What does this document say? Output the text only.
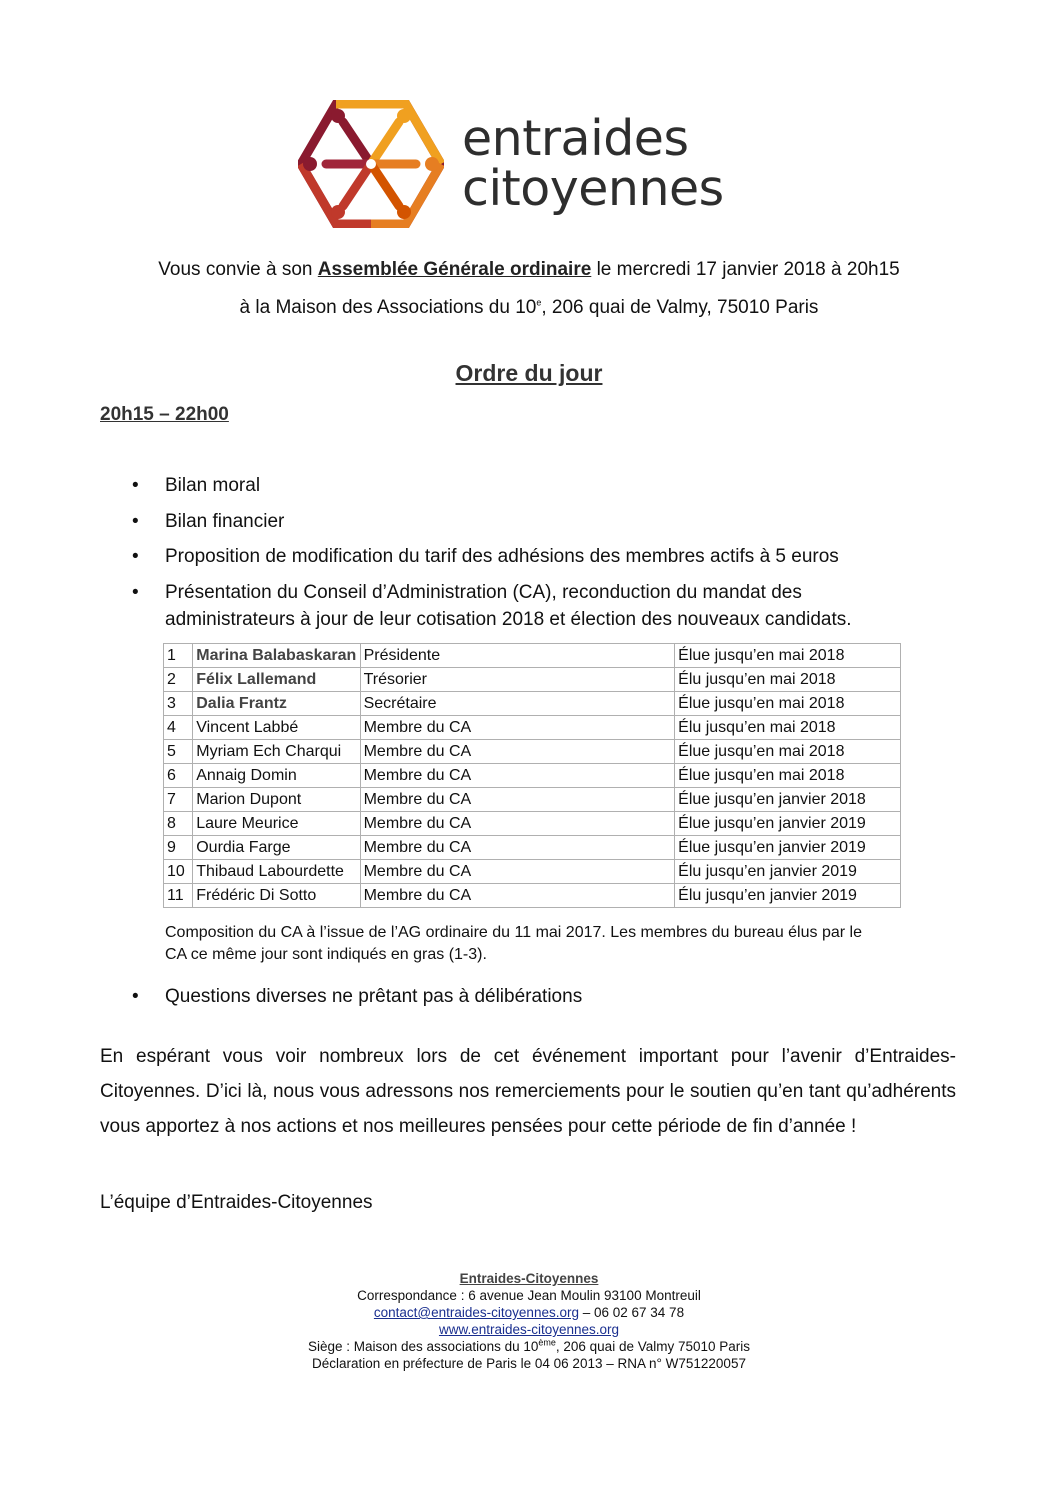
entraides
citoyennes
Vous convie à son Assemblée Générale ordinaire le mercredi 17 janvier 2018 à 20h15
à la Maison des Associations du 10e, 206 quai de Valmy, 75010 Paris
Ordre du jour
20h15 – 22h00
• Bilan moral
• Bilan financier
• Proposition de modification du tarif des adhésions des membres actifs à 5 euros
• Présentation du Conseil d’Administration (CA), reconduction du mandat des
administrateurs à jour de leur cotisation 2018 et élection des nouveaux candidats.
1	Marina Balabaskaran	Présidente	Élue jusqu’en mai 2018
2	Félix Lallemand	Trésorier	Élu jusqu’en mai 2018
3	Dalia Frantz	Secrétaire	Élue jusqu’en mai 2018
4	Vincent Labbé	Membre du CA	Élu jusqu’en mai 2018
5	Myriam Ech Charqui	Membre du CA	Élue jusqu’en mai 2018
6	Annaig Domin	Membre du CA	Élue jusqu’en mai 2018
7	Marion Dupont	Membre du CA	Élue jusqu’en janvier 2018
8	Laure Meurice	Membre du CA	Élue jusqu’en janvier 2019
9	Ourdia Farge	Membre du CA	Élue jusqu’en janvier 2019
10	Thibaud Labourdette	Membre du CA	Élu jusqu’en janvier 2019
11	Frédéric Di Sotto	Membre du CA	Élu jusqu’en janvier 2019
Composition du CA à l’issue de l’AG ordinaire du 11 mai 2017. Les membres du bureau élus par le
CA ce même jour sont indiqués en gras (1-3).
• Questions diverses ne prêtant pas à délibérations
En espérant vous voir nombreux lors de cet événement important pour l’avenir d’Entraides-Citoyennes. D’ici là, nous vous adressons nos remerciements pour le soutien qu’en tant qu’adhérents vous apportez à nos actions et nos meilleures pensées pour cette période de fin d’année !
L’équipe d’Entraides-Citoyennes
Entraides-Citoyennes
Correspondance : 6 avenue Jean Moulin 93100 Montreuil
contact@entraides-citoyennes.org – 06 02 67 34 78
www.entraides-citoyennes.org
Siège : Maison des associations du 10ème, 206 quai de Valmy 75010 Paris
Déclaration en préfecture de Paris le 04 06 2013 – RNA n° W751220057
